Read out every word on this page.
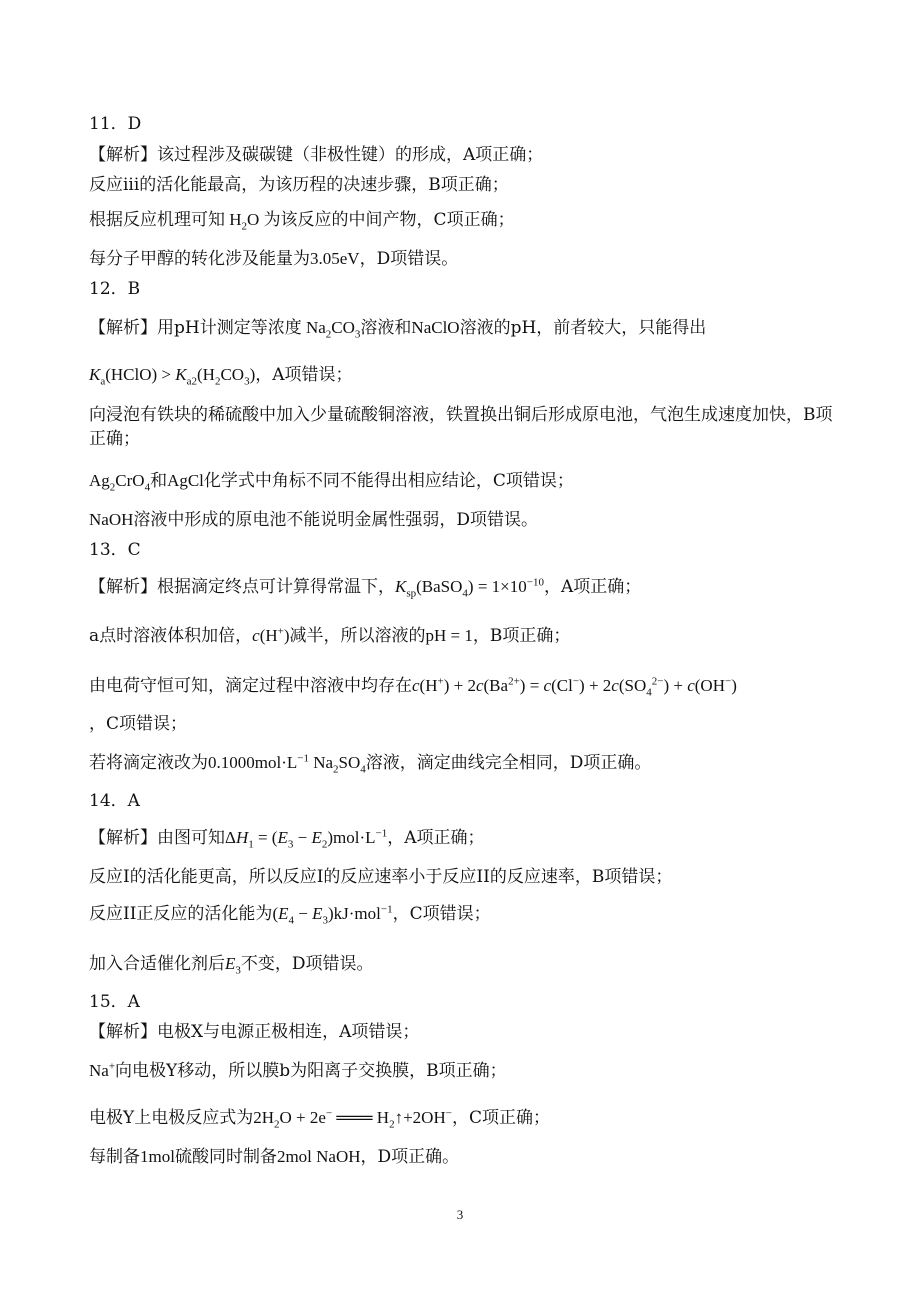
11．D
【解析】该过程涉及碳碳键（非极性键）的形成，A项正确；
反应iii的活化能最高，为该历程的决速步骤，B项正确；
根据反应机理可知 $H_2O$ 为该反应的中间产物，C项正确；
每分子甲醇的转化涉及能量为3.05eV，D项错误。
12．B
【解析】用pH计测定等浓度 $Na_2CO_3$溶液和NaClO溶液的pH，前者较大，只能得出
$K_a(HClO) > K_{a2}(H_2CO_3)$，A项错误；
向浸泡有铁块的稀硫酸中加入少量硫酸铜溶液，铁置换出铜后形成原电池，气泡生成速度加快，B项正确；
$Ag_2CrO_4$和AgCl化学式中角标不同不能得出相应结论，C项错误；
NaOH溶液中形成的原电池不能说明金属性强弱，D项错误。
13．C
【解析】根据滴定终点可计算得常温下，$K_{sp}(BaSO_4) = 1\times 10^{-10}$，A项正确；
a点时溶液体积加倍，c(H+)减半，所以溶液的pH = 1，B项正确；
由电荷守恒可知，滴定过程中溶液中均存在$c(H^+) + 2c(Ba^{2+}) = c(Cl^-) + 2c(SO_4^{2-}) + c(OH^-)$
，C项错误；
若将滴定液改为$0.1000mol\cdot L^{-1}$ $Na_2SO_4$溶液，滴定曲线完全相同，D项正确。
14．A
【解析】由图可知$\Delta H_1 = (E_3 - E_2)mol\cdot L^{-1}$，A项正确；
反应I的活化能更高，所以反应I的反应速率小于反应II的反应速率，B项错误；
反应II正反应的活化能为$(E_4 - E_3)kJ\cdot mol^{-1}$，C项错误；
加入合适催化剂后$E_3$不变，D项错误。
15．A
【解析】电极X与电源正极相连，A项错误；
Na+向电极Y移动，所以膜b为阳离子交换膜，B项正确；
电极Y上电极反应式为$2H_2O + 2e^-$ ═══ $H_2↑+2OH^-$，C项正确；
每制备1mol硫酸同时制备2mol NaOH，D项正确。
3
